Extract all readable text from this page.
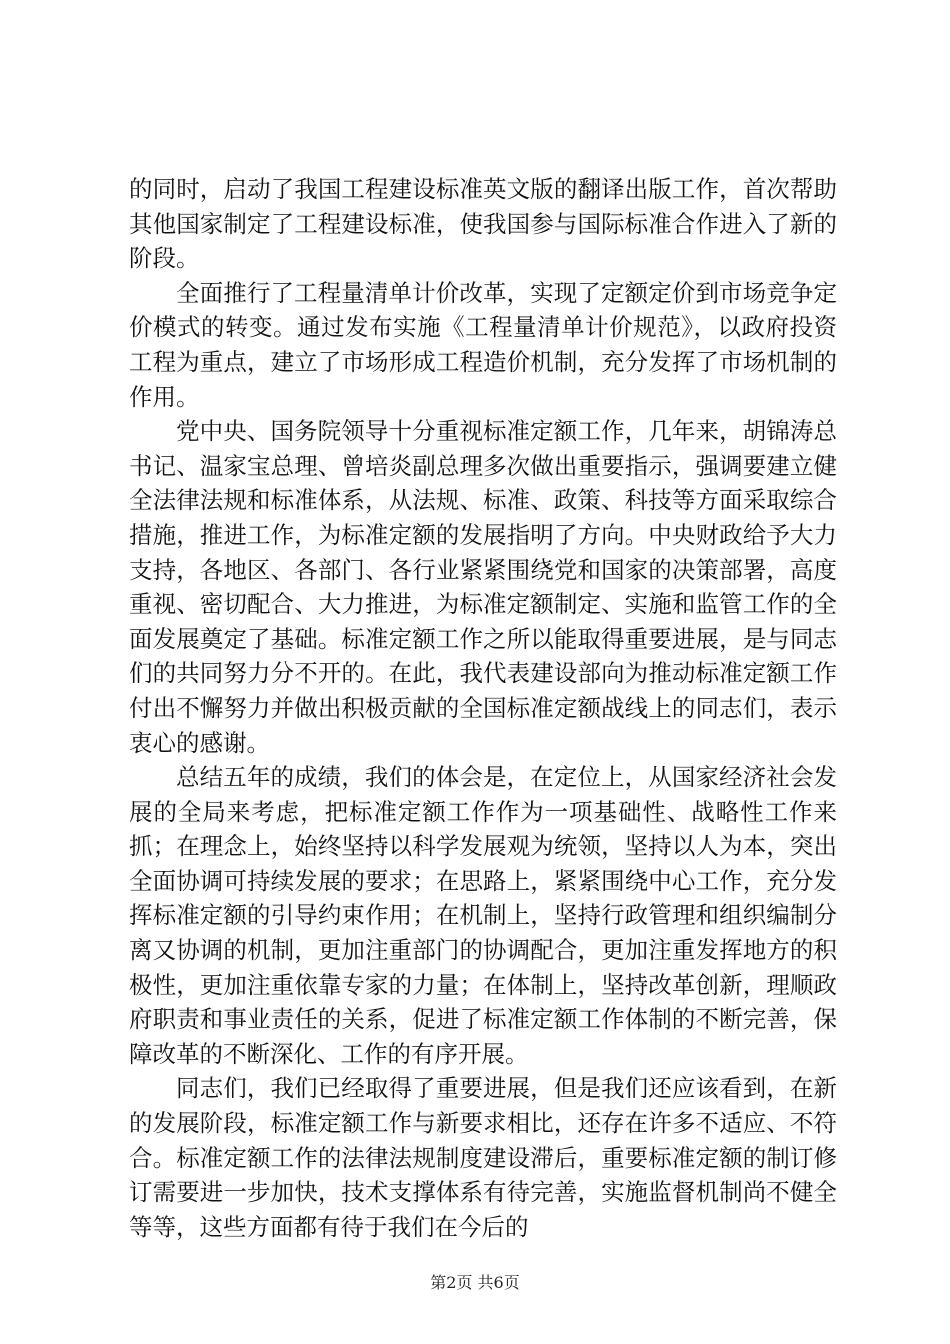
的同时，启动了我国工程建设标准英文版的翻译出版工作，首次帮助其他国家制定了工程建设标准，使我国参与国际标准合作进入了新的阶段。

全面推行了工程量清单计价改革，实现了定额定价到市场竞争定价模式的转变。通过发布实施《工程量清单计价规范》，以政府投资工程为重点，建立了市场形成工程造价机制，充分发挥了市场机制的作用。

党中央、国务院领导十分重视标准定额工作，几年来，胡锦涛总书记、温家宝总理、曾培炎副总理多次做出重要指示，强调要建立健全法律法规和标准体系，从法规、标准、政策、科技等方面采取综合措施，推进工作，为标准定额的发展指明了方向。中央财政给予大力支持，各地区、各部门、各行业紧紧围绕党和国家的决策部署，高度重视、密切配合、大力推进，为标准定额制定、实施和监管工作的全面发展奠定了基础。标准定额工作之所以能取得重要进展，是与同志们的共同努力分不开的。在此，我代表建设部向为推动标准定额工作付出不懈努力并做出积极贡献的全国标准定额战线上的同志们，表示衷心的感谢。

总结五年的成绩，我们的体会是，在定位上，从国家经济社会发展的全局来考虑，把标准定额工作作为一项基础性、战略性工作来抓；在理念上，始终坚持以科学发展观为统领，坚持以人为本，突出全面协调可持续发展的要求；在思路上，紧紧围绕中心工作，充分发挥标准定额的引导约束作用；在机制上，坚持行政管理和组织编制分离又协调的机制，更加注重部门的协调配合，更加注重发挥地方的积极性，更加注重依靠专家的力量；在体制上，坚持改革创新，理顺政府职责和事业责任的关系，促进了标准定额工作体制的不断完善，保障改革的不断深化、工作的有序开展。

同志们，我们已经取得了重要进展，但是我们还应该看到，在新的发展阶段，标准定额工作与新要求相比，还存在许多不适应、不符合。标准定额工作的法律法规制度建设滞后，重要标准定额的制订修订需要进一步加快，技术支撑体系有待完善，实施监督机制尚不健全等等，这些方面都有待于我们在今后的

第2页 共6页
